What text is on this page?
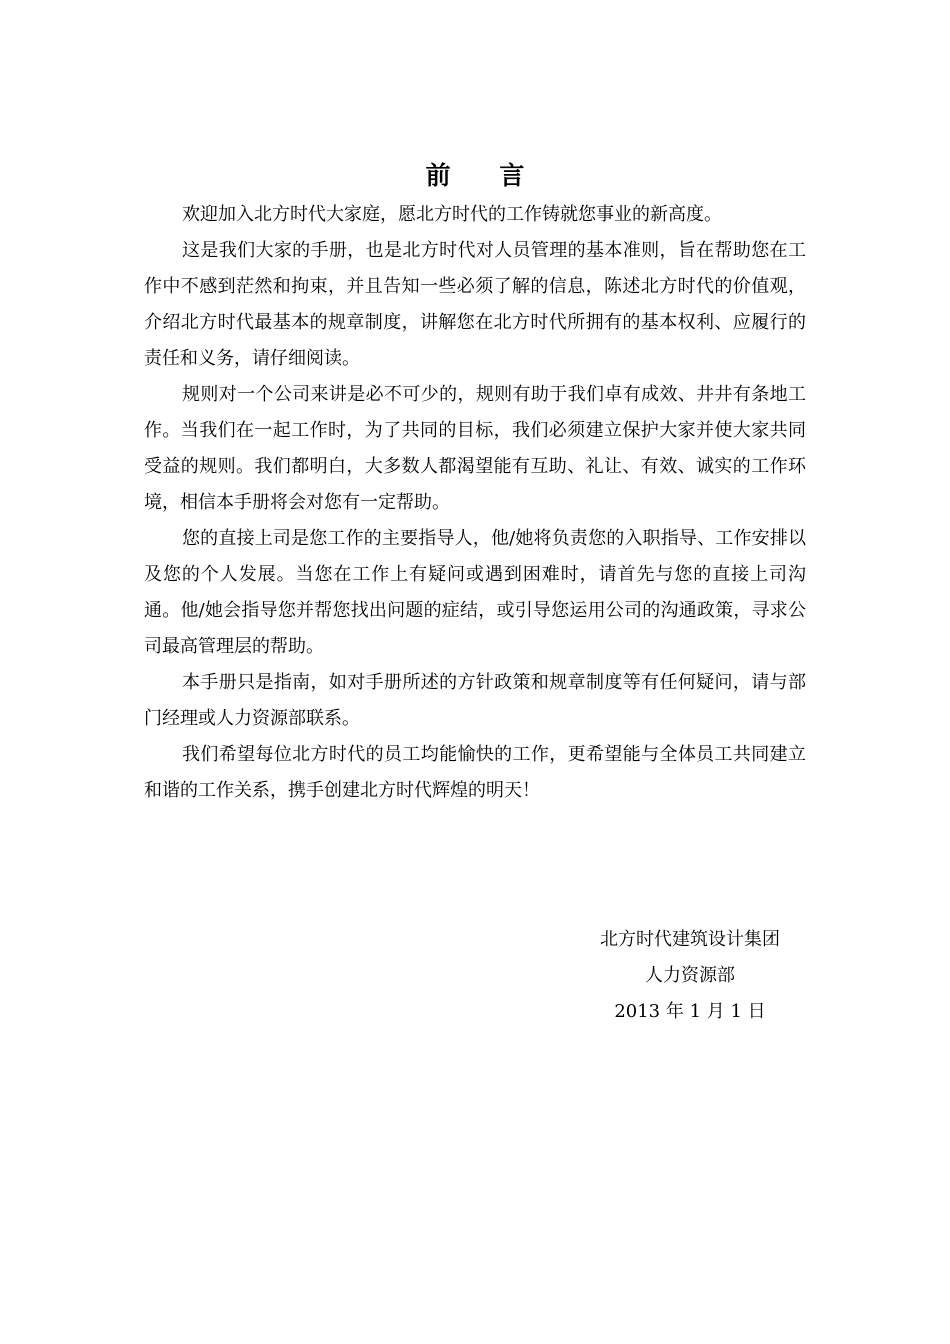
前 言

欢迎加入北方时代大家庭，愿北方时代的工作铸就您事业的新高度。

这是我们大家的手册，也是北方时代对人员管理的基本准则，旨在帮助您在工作中不感到茫然和拘束，并且告知一些必须了解的信息，陈述北方时代的价值观，介绍北方时代最基本的规章制度，讲解您在北方时代所拥有的基本权利、应履行的责任和义务，请仔细阅读。

规则对一个公司来讲是必不可少的，规则有助于我们卓有成效、井井有条地工作。当我们在一起工作时，为了共同的目标，我们必须建立保护大家并使大家共同受益的规则。我们都明白，大多数人都渴望能有互助、礼让、有效、诚实的工作环境，相信本手册将会对您有一定帮助。

您的直接上司是您工作的主要指导人，他/她将负责您的入职指导、工作安排以及您的个人发展。当您在工作上有疑问或遇到困难时，请首先与您的直接上司沟通。他/她会指导您并帮您找出问题的症结，或引导您运用公司的沟通政策，寻求公司最高管理层的帮助。

本手册只是指南，如对手册所述的方针政策和规章制度等有任何疑问，请与部门经理或人力资源部联系。

我们希望每位北方时代的员工均能愉快的工作，更希望能与全体员工共同建立和谐的工作关系，携手创建北方时代辉煌的明天！

北方时代建筑设计集团
人力资源部
2013 年 1 月 1 日
